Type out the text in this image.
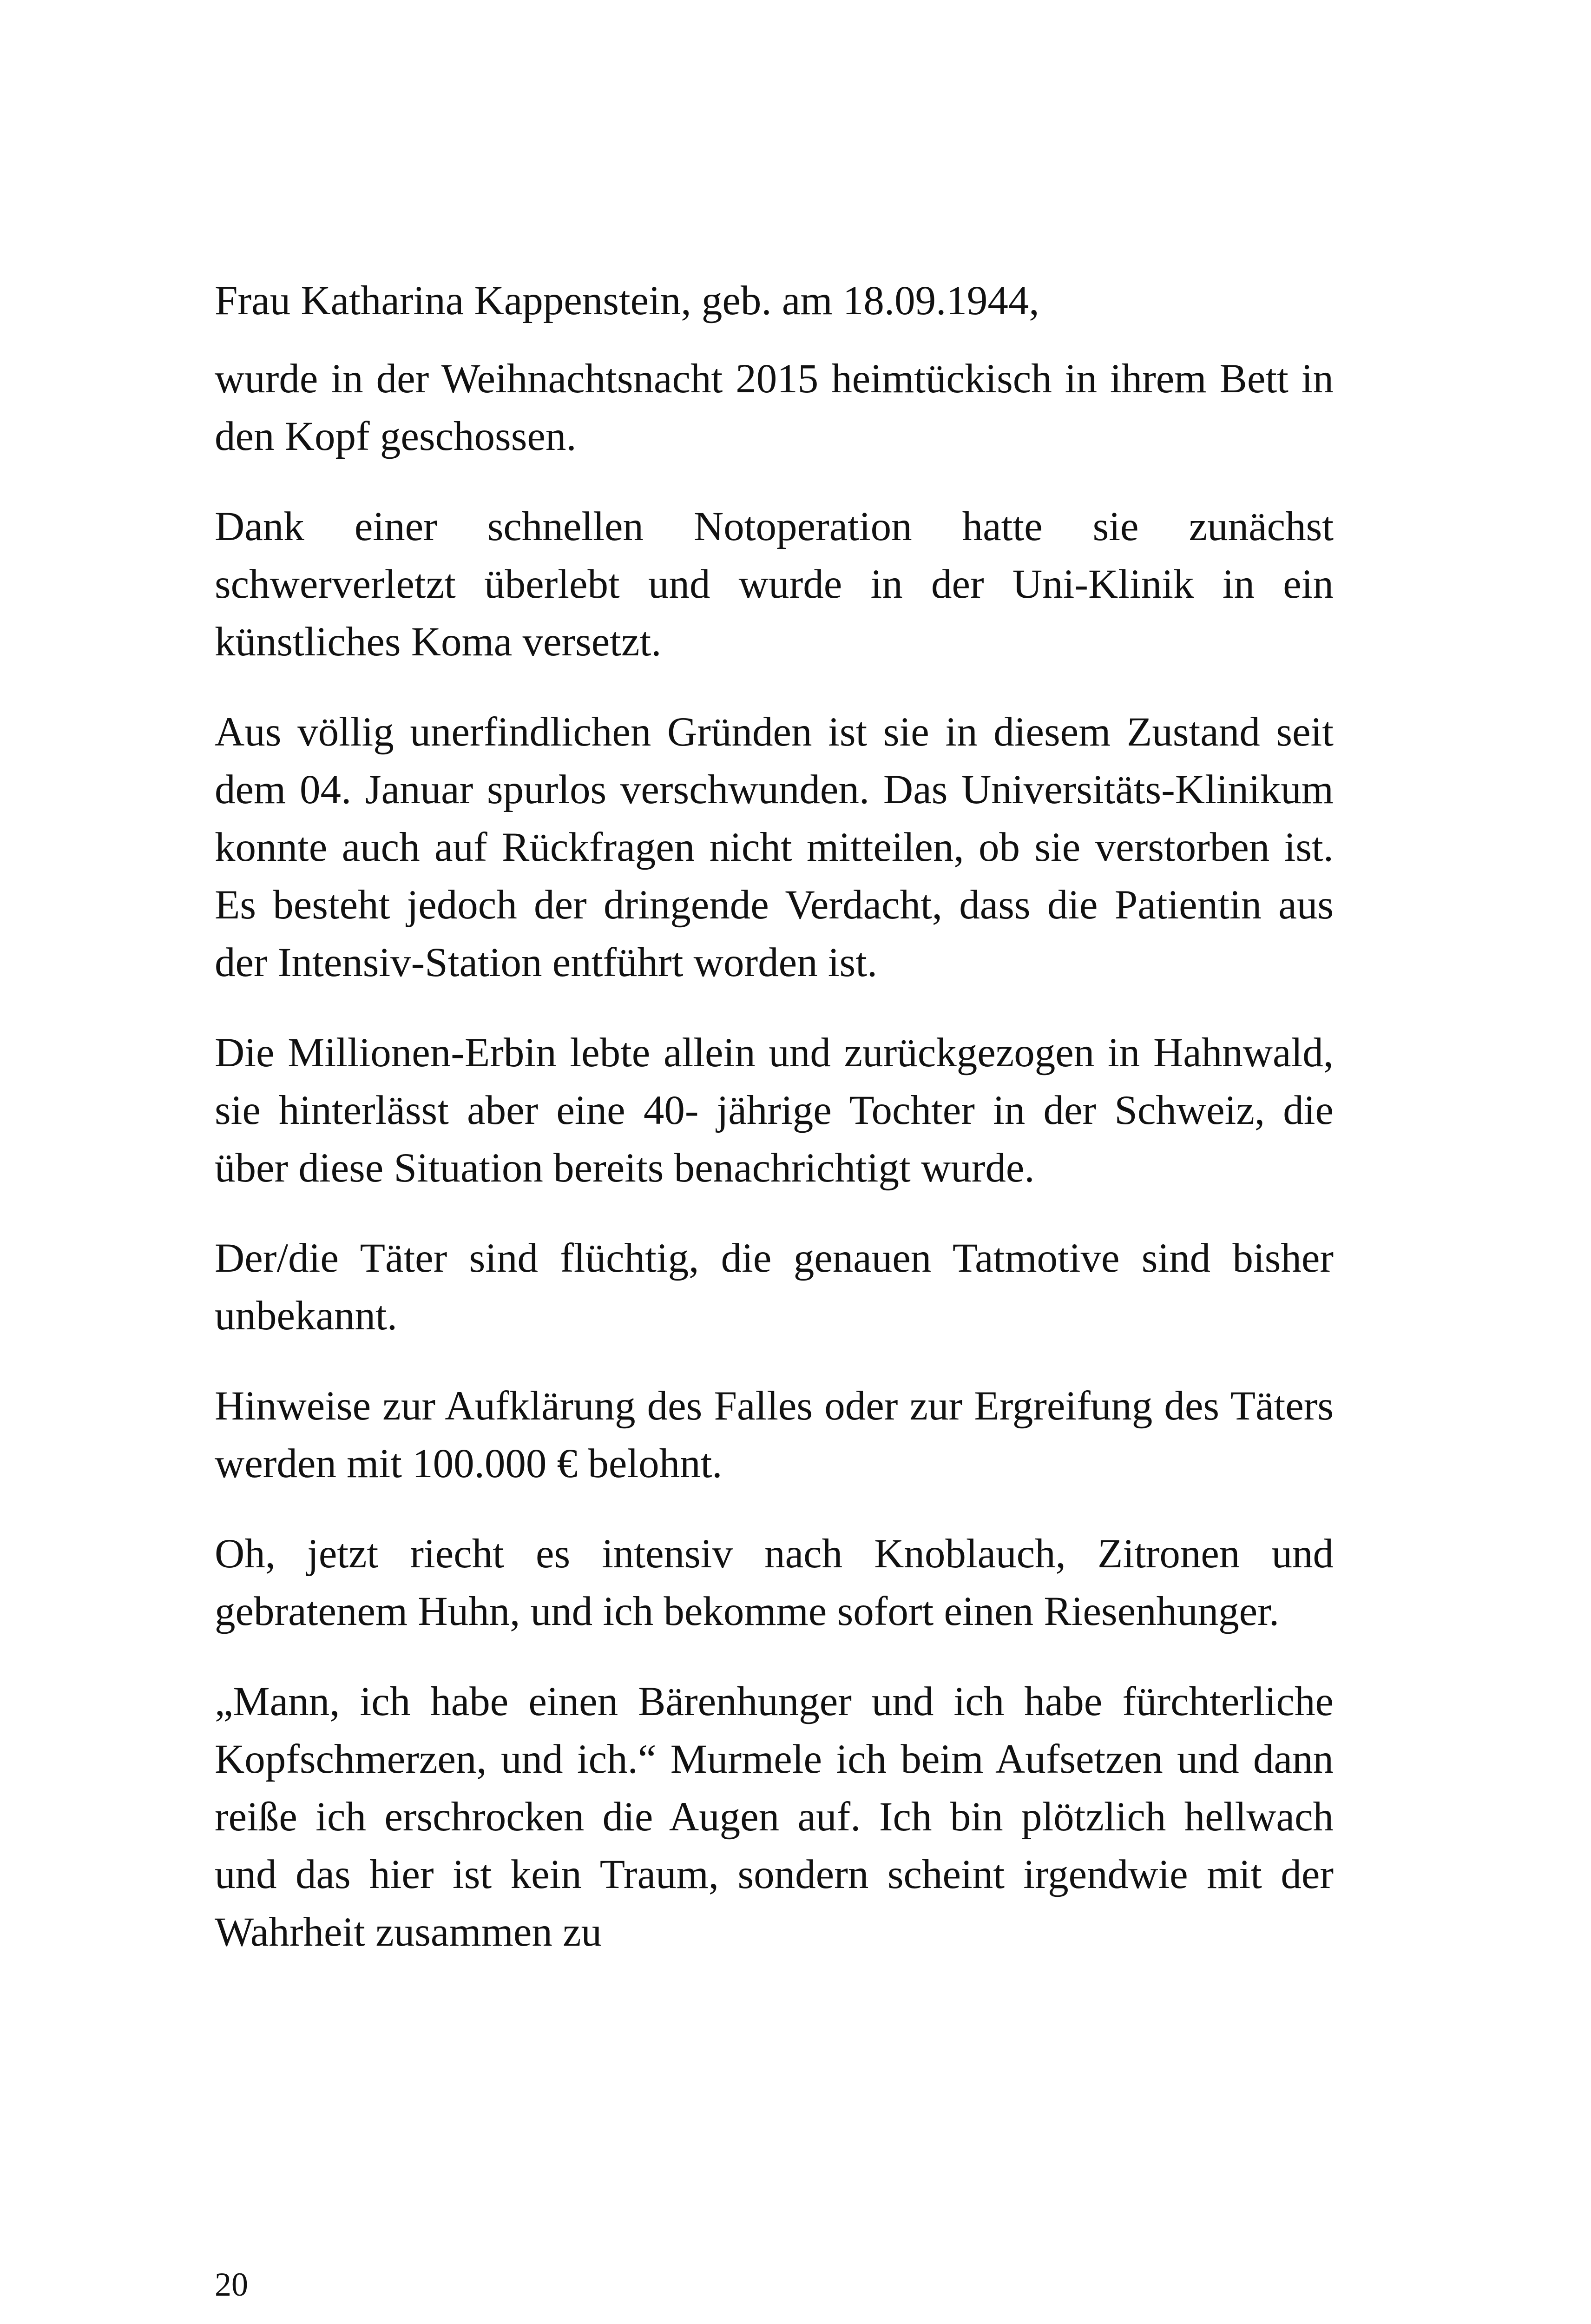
Frau Katharina Kappenstein, geb. am 18.09.1944,

wurde in der Weihnachtsnacht 2015 heimtückisch in ihrem Bett in den Kopf geschossen.

Dank einer schnellen Notoperation hatte sie zunächst schwerverletzt überlebt und wurde in der Uni-Klinik in ein künstliches Koma versetzt.

Aus völlig unerfindlichen Gründen ist sie in diesem Zustand seit dem 04. Januar spurlos verschwunden. Das Universitäts-Klinikum konnte auch auf Rückfragen nicht mitteilen, ob sie verstorben ist. Es besteht jedoch der dringende Verdacht, dass die Patientin aus der Intensiv-Station entführt worden ist.

Die Millionen-Erbin lebte allein und zurückgezogen in Hahnwald, sie hinterlässt aber eine 40- jährige Tochter in der Schweiz, die über diese Situation bereits benachrichtigt wurde.

Der/die Täter sind flüchtig, die genauen Tatmotive sind bisher unbekannt.

Hinweise zur Aufklärung des Falles oder zur Ergreifung des Täters werden mit 100.000 € belohnt.

Oh, jetzt riecht es intensiv nach Knoblauch, Zitronen und gebratenem Huhn, und ich bekomme sofort einen Riesenhunger.

„Mann, ich habe einen Bärenhunger und ich habe fürchterliche Kopfschmerzen, und ich.“ Murmele ich beim Aufsetzen und dann reiße ich erschrocken die Augen auf. Ich bin plötzlich hellwach und das hier ist kein Traum, sondern scheint irgendwie mit der Wahrheit zusammen zu

20
